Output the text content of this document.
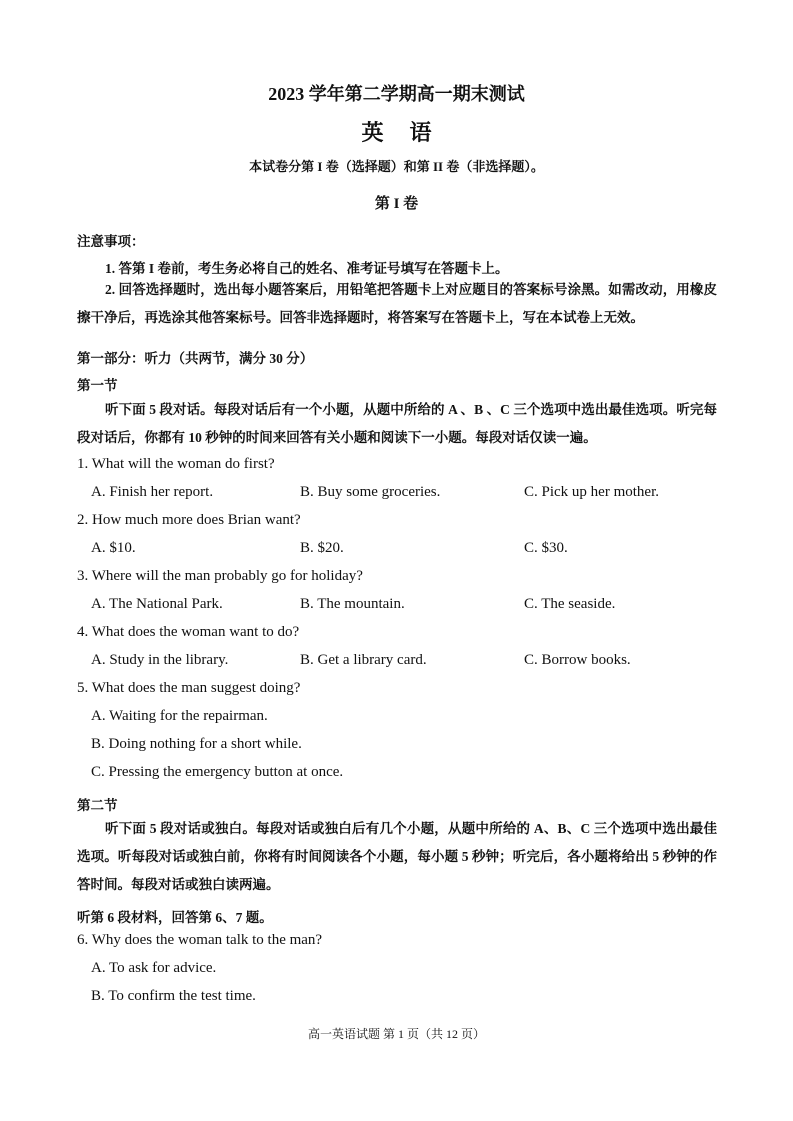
2023 学年第二学期高一期末测试
英语
本试卷分第 I 卷（选择题）和第 II 卷（非选择题）。
第 I 卷
注意事项：
1. 答第 I 卷前，考生务必将自己的姓名、准考证号填写在答题卡上。
2. 回答选择题时，选出每小题答案后，用铅笔把答题卡上对应题目的答案标号涂黑。如需改动，用橡皮擦干净后，再选涂其他答案标号。回答非选择题时，将答案写在答题卡上，写在本试卷上无效。
第一部分：听力（共两节，满分 30 分）
第一节
听下面 5 段对话。每段对话后有一个小题，从题中所给的 A 、B 、C 三个选项中选出最佳选项。听完每段对话后，你都有 10 秒钟的时间来回答有关小题和阅读下一小题。每段对话仅读一遍。
1. What will the woman do first?
A. Finish her report.	B. Buy some groceries.	C. Pick up her mother.
2. How much more does Brian want?
A. $10.	B. $20.	C. $30.
3. Where will the man probably go for holiday?
A. The National Park.	B. The mountain.	C. The seaside.
4. What does the woman want to do?
A. Study in the library.	B. Get a library card.	C. Borrow books.
5. What does the man suggest doing?
A. Waiting for the repairman.
B. Doing nothing for a short while.
C. Pressing the emergency button at once.
第二节
听下面 5 段对话或独白。每段对话或独白后有几个小题，从题中所给的 A、B、C 三个选项中选出最佳选项。听每段对话或独白前，你将有时间阅读各个小题，每小题 5 秒钟；听完后，各小题将给出 5 秒钟的作答时间。每段对话或独白读两遍。
听第 6 段材料，回答第 6、7 题。
6. Why does the woman talk to the man?
A. To ask for advice.
B. To confirm the test time.
高一英语试题 第 1 页（共 12 页）
